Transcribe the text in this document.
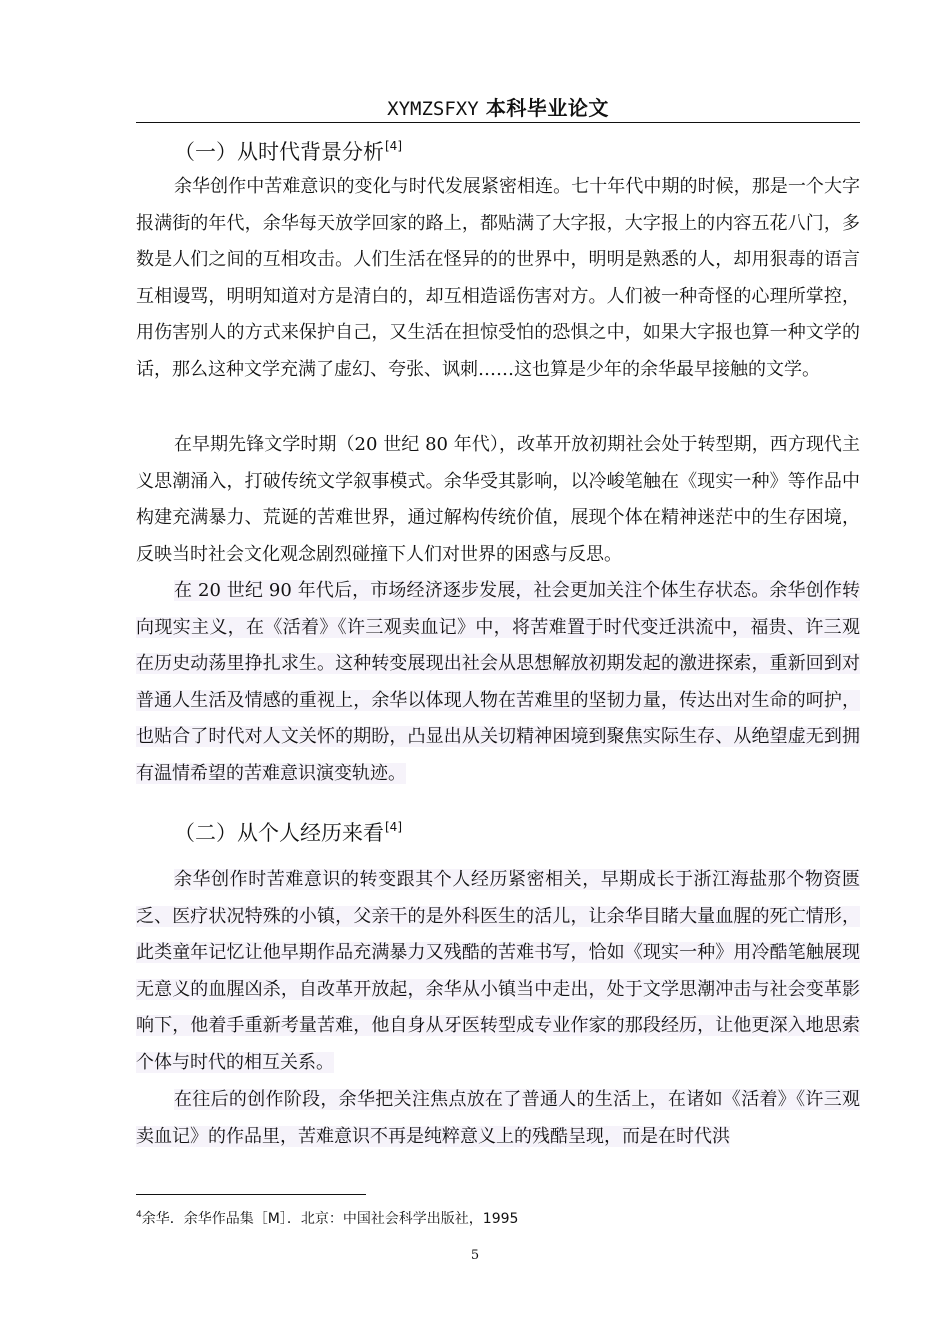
XYMZSFXY 本科毕业论文
（一）从时代背景分析[4]

余华创作中苦难意识的变化与时代发展紧密相连。七十年代中期的时候，那是一个大字报满街的年代，余华每天放学回家的路上，都贴满了大字报，大字报上的内容五花八门，多数是人们之间的互相攻击。人们生活在怪异的的世界中，明明是熟悉的人，却用狠毒的语言互相谩骂，明明知道对方是清白的，却互相造谣伤害对方。人们被一种奇怪的心理所掌控，用伤害别人的方式来保护自己，又生活在担惊受怕的恐惧之中，如果大字报也算一种文学的话，那么这种文学充满了虚幻、夸张、讽刺……这也算是少年的余华最早接触的文学。

在早期先锋文学时期（20 世纪 80 年代），改革开放初期社会处于转型期，西方现代主义思潮涌入，打破传统文学叙事模式。余华受其影响，以冷峻笔触在《现实一种》等作品中构建充满暴力、荒诞的苦难世界，通过解构传统价值，展现个体在精神迷茫中的生存困境，反映当时社会文化观念剧烈碰撞下人们对世界的困惑与反思。

在 20 世纪 90 年代后，市场经济逐步发展，社会更加关注个体生存状态。余华创作转向现实主义，在《活着》《许三观卖血记》中，将苦难置于时代变迁洪流中，福贵、许三观在历史动荡里挣扎求生。这种转变展现出社会从思想解放初期发起的激进探索，重新回到对普通人生活及情感的重视上，余华以体现人物在苦难里的坚韧力量，传达出对生命的呵护，也贴合了时代对人文关怀的期盼，凸显出从关切精神困境到聚焦实际生存、从绝望虚无到拥有温情希望的苦难意识演变轨迹。

（二）从个人经历来看[4]

余华创作时苦难意识的转变跟其个人经历紧密相关，早期成长于浙江海盐那个物资匮乏、医疗状况特殊的小镇，父亲干的是外科医生的活儿，让余华目睹大量血腥的死亡情形，此类童年记忆让他早期作品充满暴力又残酷的苦难书写，恰如《现实一种》用冷酷笔触展现无意义的血腥凶杀，自改革开放起，余华从小镇当中走出，处于文学思潮冲击与社会变革影响下，他着手重新考量苦难，他自身从牙医转型成专业作家的那段经历，让他更深入地思索个体与时代的相互关系。

在往后的创作阶段，余华把关注焦点放在了普通人的生活上，在诸如《活着》《许三观卖血记》的作品里，苦难意识不再是纯粹意义上的残酷呈现，而是在时代洪

$^4$余华．余华作品集［M］．北京：中国社会科学出版社，1995
5
